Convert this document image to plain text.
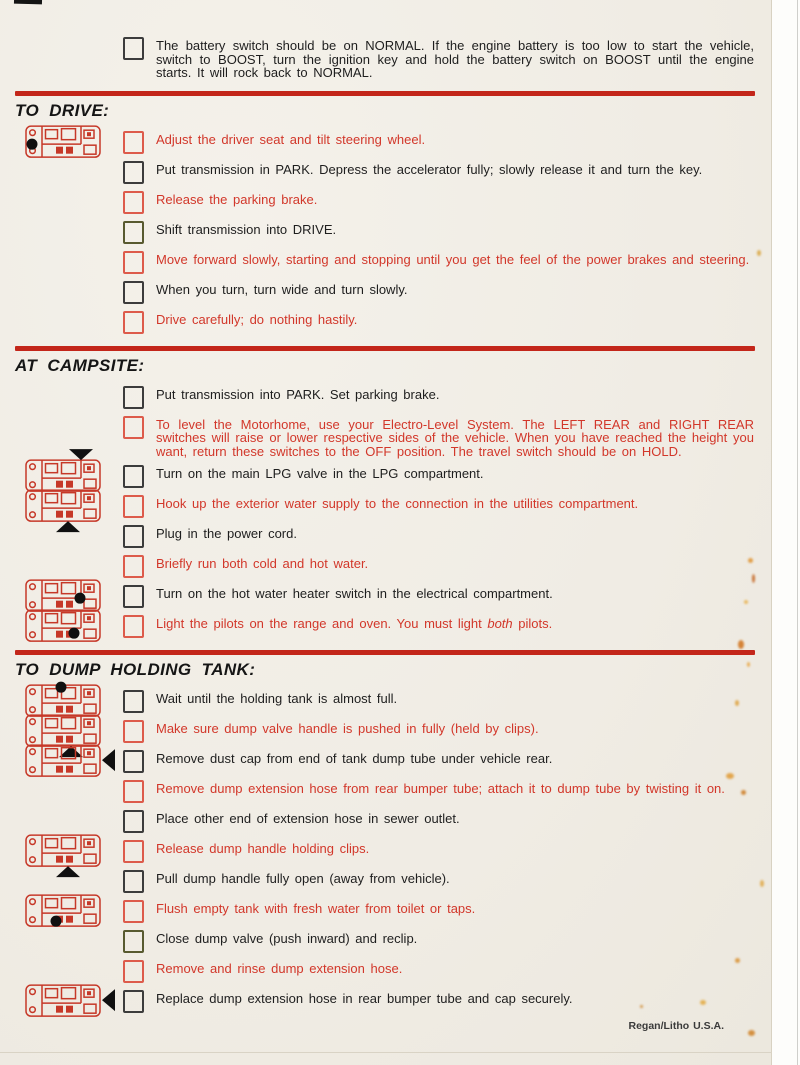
The battery switch should be on NORMAL. If the engine battery is too low to start the vehicle, switch to BOOST, turn the ignition key and hold the battery switch on BOOST until the engine starts. It will rock back to NORMAL.
TO DRIVE:
Adjust the driver seat and tilt steering wheel.
Put transmission in PARK. Depress the accelerator fully; slowly release it and turn the key.
Release the parking brake.
Shift transmission into DRIVE.
Move forward slowly, starting and stopping until you get the feel of the power brakes and steering.
When you turn, turn wide and turn slowly.
Drive carefully; do nothing hastily.
AT CAMPSITE:
Put transmission into PARK. Set parking brake.
To level the Motorhome, use your Electro-Level System. The LEFT REAR and RIGHT REAR switches will raise or lower respective sides of the vehicle. When you have reached the height you want, return these switches to the OFF position. The travel switch should be on HOLD.
Turn on the main LPG valve in the LPG compartment.
Hook up the exterior water supply to the connection in the utilities compartment.
Plug in the power cord.
Briefly run both cold and hot water.
Turn on the hot water heater switch in the electrical compartment.
Light the pilots on the range and oven. You must light both pilots.
TO DUMP HOLDING TANK:
Wait until the holding tank is almost full.
Make sure dump valve handle is pushed in fully (held by clips).
Remove dust cap from end of tank dump tube under vehicle rear.
Remove dump extension hose from rear bumper tube; attach it to dump tube by twisting it on.
Place other end of extension hose in sewer outlet.
Release dump handle holding clips.
Pull dump handle fully open (away from vehicle).
Flush empty tank with fresh water from toilet or taps.
Close dump valve (push inward) and reclip.
Remove and rinse dump extension hose.
Replace dump extension hose in rear bumper tube and cap securely.
Regan/Litho U.S.A.
